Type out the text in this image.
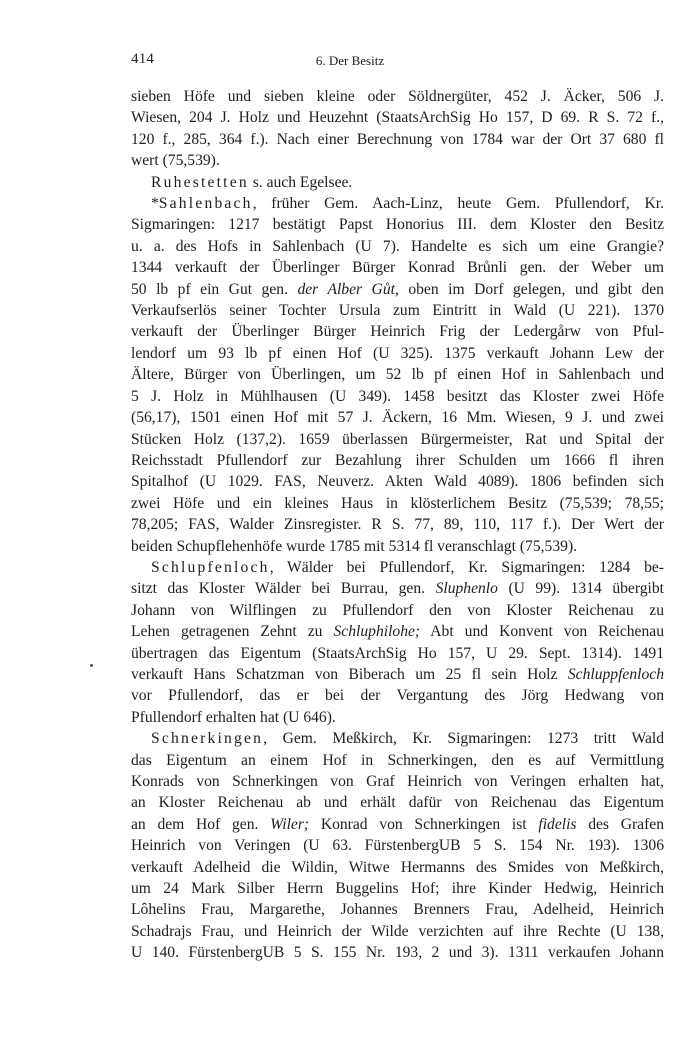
414	6. Der Besitz
sieben Höfe und sieben kleine oder Söldnergüter, 452 J. Äcker, 506 J.
Wiesen, 204 J. Holz und Heuzehnt (StaatsArchSig Ho 157, D 69. R S. 72 f.,
120 f., 285, 364 f.). Nach einer Berechnung von 1784 war der Ort 37 680 fl
wert (75,539).
Ruhestetten s. auch Egelsee.
*Sahlenbach, früher Gem. Aach-Linz, heute Gem. Pfullendorf, Kr.
Sigmaringen: 1217 bestätigt Papst Honorius III. dem Kloster den Besitz
u. a. des Hofs in Sahlenbach (U 7). Handelte es sich um eine Grangie?
1344 verkauft der Überlinger Bürger Konrad Brůnli gen. der Weber um
50 lb pf ein Gut gen. der Alber Gůt, oben im Dorf gelegen, und gibt den
Verkaufserlös seiner Tochter Ursula zum Eintritt in Wald (U 221). 1370
verkauft der Überlinger Bürger Heinrich Frig der Ledergårw von Pful-
lendorf um 93 lb pf einen Hof (U 325). 1375 verkauft Johann Lew der
Ältere, Bürger von Überlingen, um 52 lb pf einen Hof in Sahlenbach und
5 J. Holz in Mühlhausen (U 349). 1458 besitzt das Kloster zwei Höfe
(56,17), 1501 einen Hof mit 57 J. Äckern, 16 Mm. Wiesen, 9 J. und zwei
Stücken Holz (137,2). 1659 überlassen Bürgermeister, Rat und Spital der
Reichsstadt Pfullendorf zur Bezahlung ihrer Schulden um 1666 fl ihren
Spitalhof (U 1029. FAS, Neuverz. Akten Wald 4089). 1806 befinden sich
zwei Höfe und ein kleines Haus in klösterlichem Besitz (75,539; 78,55;
78,205; FAS, Walder Zinsregister. R S. 77, 89, 110, 117 f.). Der Wert der
beiden Schupflehenhöfe wurde 1785 mit 5314 fl veranschlagt (75,539).
Schlupfenloch, Wälder bei Pfullendorf, Kr. Sigmaringen: 1284 be-
sitzt das Kloster Wälder bei Burrau, gen. Sluphenlo (U 99). 1314 übergibt
Johann von Wilflingen zu Pfullendorf den von Kloster Reichenau zu
Lehen getragenen Zehnt zu Schluphilohe; Abt und Konvent von Reichenau
übertragen das Eigentum (StaatsArchSig Ho 157, U 29. Sept. 1314). 1491
verkauft Hans Schatzman von Biberach um 25 fl sein Holz Schluppfenloch
vor Pfullendorf, das er bei der Vergantung des Jörg Hedwang von
Pfullendorf erhalten hat (U 646).
Schnerkingen, Gem. Meßkirch, Kr. Sigmaringen: 1273 tritt Wald
das Eigentum an einem Hof in Schnerkingen, den es auf Vermittlung
Konrads von Schnerkingen von Graf Heinrich von Veringen erhalten hat,
an Kloster Reichenau ab und erhält dafür von Reichenau das Eigentum
an dem Hof gen. Wiler; Konrad von Schnerkingen ist fidelis des Grafen
Heinrich von Veringen (U 63. FürstenbergUB 5 S. 154 Nr. 193). 1306
verkauft Adelheid die Wildin, Witwe Hermanns des Smides von Meßkirch,
um 24 Mark Silber Herrn Buggelins Hof; ihre Kinder Hedwig, Heinrich
Lôhelins Frau, Margarethe, Johannes Brenners Frau, Adelheid, Heinrich
Schadrajs Frau, und Heinrich der Wilde verzichten auf ihre Rechte (U 138,
U 140. FürstenbergUB 5 S. 155 Nr. 193, 2 und 3). 1311 verkaufen Johann
